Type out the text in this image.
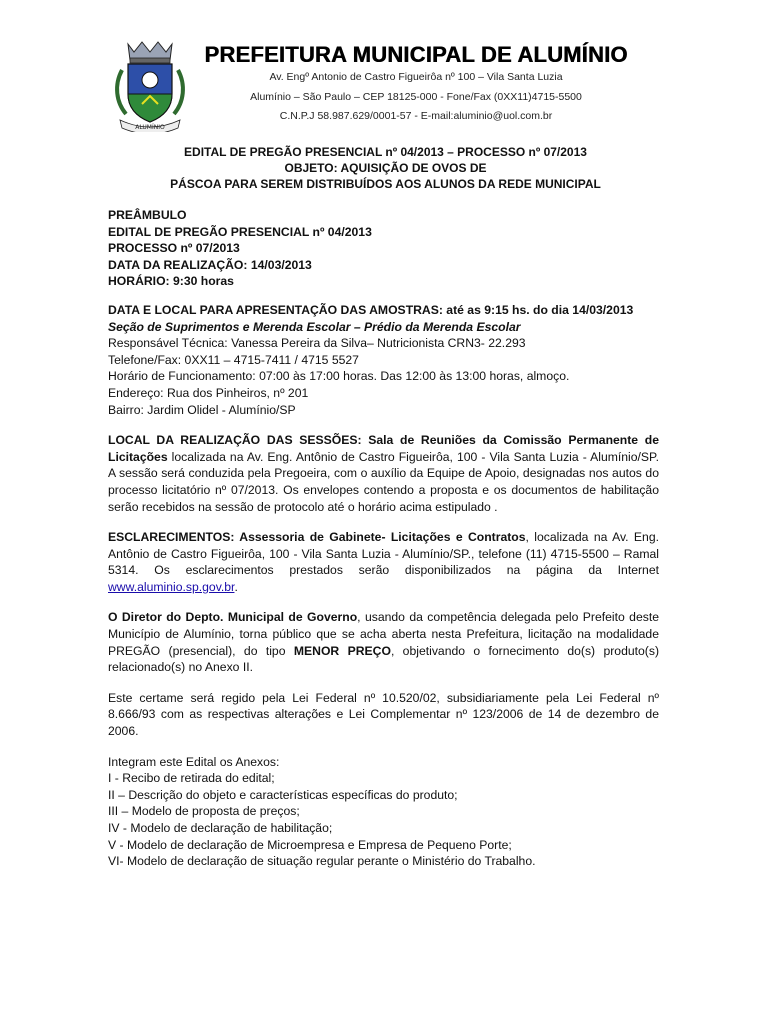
ALUMÍNIO
PREFEITURA MUNICIPAL DE ALUMÍNIO
Av. Engº Antonio de Castro Figueirôa nº 100 – Vila Santa Luzia
Alumínio – São Paulo – CEP 18125-000 - Fone/Fax (0XX11)4715-5500
C.N.P.J 58.987.629/0001-57 - E-mail:aluminio@uol.com.br
EDITAL DE PREGÃO PRESENCIAL nº 04/2013 – PROCESSO nº 07/2013
OBJETO: AQUISIÇÃO DE OVOS DE
PÁSCOA PARA SEREM DISTRIBUÍDOS AOS ALUNOS DA REDE MUNICIPAL

PREÂMBULO

EDITAL DE PREGÃO PRESENCIAL nº 04/2013

PROCESSO nº 07/2013

DATA DA REALIZAÇÃO: 14/03/2013

HORÁRIO: 9:30 horas

DATA E LOCAL PARA APRESENTAÇÃO DAS AMOSTRAS: até as 9:15 hs. do dia 14/03/2013

Seção de Suprimentos e Merenda Escolar – Prédio da Merenda Escolar

Responsável Técnica: Vanessa Pereira da Silva– Nutricionista CRN3- 22.293

Telefone/Fax: 0XX11 – 4715-7411 / 4715 5527

Horário de Funcionamento: 07:00 às 17:00 horas. Das 12:00 às 13:00 horas, almoço.

Endereço: Rua dos Pinheiros, nº 201

Bairro: Jardim Olidel - Alumínio/SP

LOCAL DA REALIZAÇÃO DAS SESSÕES: Sala de Reuniões da Comissão Permanente de Licitações localizada na Av. Eng. Antônio de Castro Figueirôa, 100 - Vila Santa Luzia - Alumínio/SP. A sessão será conduzida pela Pregoeira, com o auxílio da Equipe de Apoio, designadas nos autos do processo licitatório nº 07/2013. Os envelopes contendo a proposta e os documentos de habilitação serão recebidos na sessão de protocolo até o horário acima estipulado .

ESCLARECIMENTOS: Assessoria de Gabinete- Licitações e Contratos, localizada na Av. Eng. Antônio de Castro Figueirôa, 100 - Vila Santa Luzia - Alumínio/SP., telefone (11) 4715-5500 – Ramal 5314. Os esclarecimentos prestados serão disponibilizados na página da Internet www.aluminio.sp.gov.br.

O Diretor do Depto. Municipal de Governo, usando da competência delegada pelo Prefeito deste Município de Alumínio, torna público que se acha aberta nesta Prefeitura, licitação na modalidade PREGÃO (presencial), do tipo MENOR PREÇO, objetivando o fornecimento do(s) produto(s) relacionado(s) no Anexo II.

Este certame será regido pela Lei Federal nº 10.520/02, subsidiariamente pela Lei Federal nº 8.666/93 com as respectivas alterações e Lei Complementar nº 123/2006 de 14 de dezembro de 2006.

Integram este Edital os Anexos:

I - Recibo de retirada do edital;

II – Descrição do objeto e características específicas do produto;

III – Modelo de proposta de preços;

IV - Modelo de declaração de habilitação;

V - Modelo de declaração de Microempresa e Empresa de Pequeno Porte;

VI- Modelo de declaração de situação regular perante o Ministério do Trabalho.
